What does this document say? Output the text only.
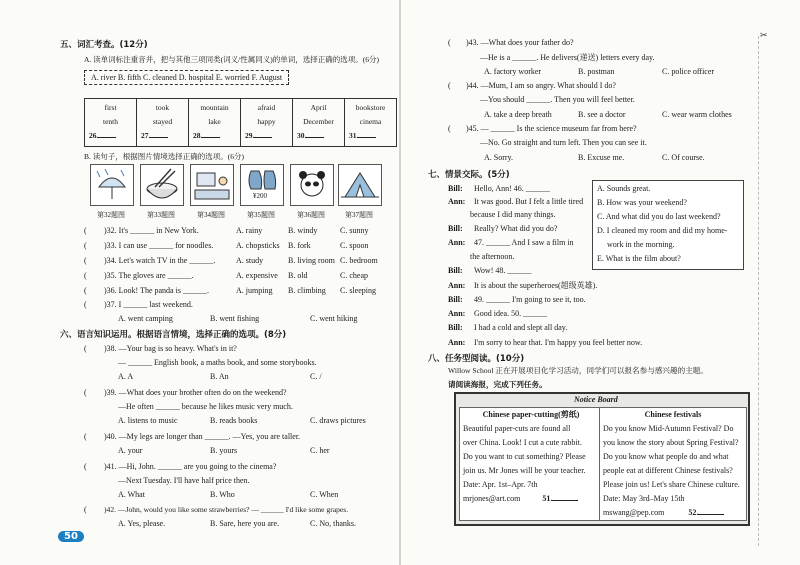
五、词汇考查。(12分)
A. 读单词标注重音并，把与其他三项同类(词义/性属同义)的单词，选择正确的选项。(6分)
A. river B. fifth C. cleaned D. hospital E. worried F. August
first
tenth
26.

took
stayed
27.

mountain
lake
28.

afraid
happy
29.

April
December
30.

bookstore
cinema
31.
B. 读句子，根据图片情境选择正确的选项。(6分)
¥200
第32题图	第33题图	第34题图	第35题图	第36题图	第37题图
( )32. It's ______ in New York.	A. rainy	B. windy	C. sunny
( )33. I can use ______ for noodles.	A. chopsticks B. fork	C. spoon
( )34. Let's watch TV in the ______.	A. study	B. living room C. bedroom
( )35. The gloves are ______.	A. expensive B. old	C. cheap
( )36. Look! The panda is ______.	A. jumping B. climbing C. sleeping
( )37. I ______ last weekend.
A. went camping	B. went fishing	C. went hiking
六、语言知识运用。根据语言情境，选择正确的选项。(8分)
( )38. —Your bag is so heavy. What's in it?
— ______ English book, a maths book, and some storybooks.
A. A	B. An	C. /
( )39. —What does your brother often do on the weekend?
—He often ______ because he likes music very much.
A. listens to music	B. reads books	C. draws pictures
( )40. —My legs are longer than ______. —Yes, you are taller.
A. your	B. yours	C. her
( )41. —Hi, John. ______ are you going to the cinema?
—Next Tuesday. I'll have half price then.
A. What	B. Who	C. When
( )42. —John, would you like some strawberries? — ______ I'd like some grapes.
A. Yes, please.	B. Sare, here you are.	C. No, thanks.
50
( )43. —What does your father do?
—He is a ______. He delivers(递送) letters every day.
A. factory worker	B. postman	C. police officer
( )44. —Mum, I am so angry. What should I do?
—You should ______. Then you will feel better.
A. take a deep breath	B. see a doctor	C. wear warm clothes
( )45. — ______ Is the science museum far from here?
—No. Go straight and turn left. Then you can see it.
A. Sorry.	B. Excuse me.	C. Of course.
七、情景交际。(5分)
Bill: Hello, Ann! 46. ______
Ann: It was good. But I felt a little tired
because I did many things.
Bill: Really? What did you do?
Ann: 47. ______ And I saw a film in
the afternoon.
Bill: Wow! 48. ______
Ann: It is about the superheroes(超级英雄).
Bill: 49. ______ I'm going to see it, too.
Ann: Good idea. 50. ______
Bill: I had a cold and slept all day.
Ann: I'm sorry to hear that. I'm happy you feel better now.
A. Sounds great.
B. How was your weekend?
C. And what did you do last weekend?
D. I cleaned my room and did my home-
work in the morning.
E. What is the film about?
八、任务型阅读。(10分)
Willow School 正在开展项目化学习活动，同学们可以报名参与感兴趣的主题。
请阅读海报，完成下列任务。
Notice Board
Chinese paper-cutting(剪纸)
Beautiful paper-cuts are found all
over China. Look! I cut a cute rabbit.
Do you want to cut something? Please
join us. Mr Jones will be your teacher.
Date: Apr. 1st–Apr. 7th
mrjones@art.com	51.
Chinese festivals
Do you know Mid-Autumn Festival? Do
you know the story about Spring Festival?
Do you know what people do and what
people eat at different Chinese festivals?
Please join us! Let's share Chinese culture.
Date: May 3rd–May 15th
mswang@pep.com	52.
✂
